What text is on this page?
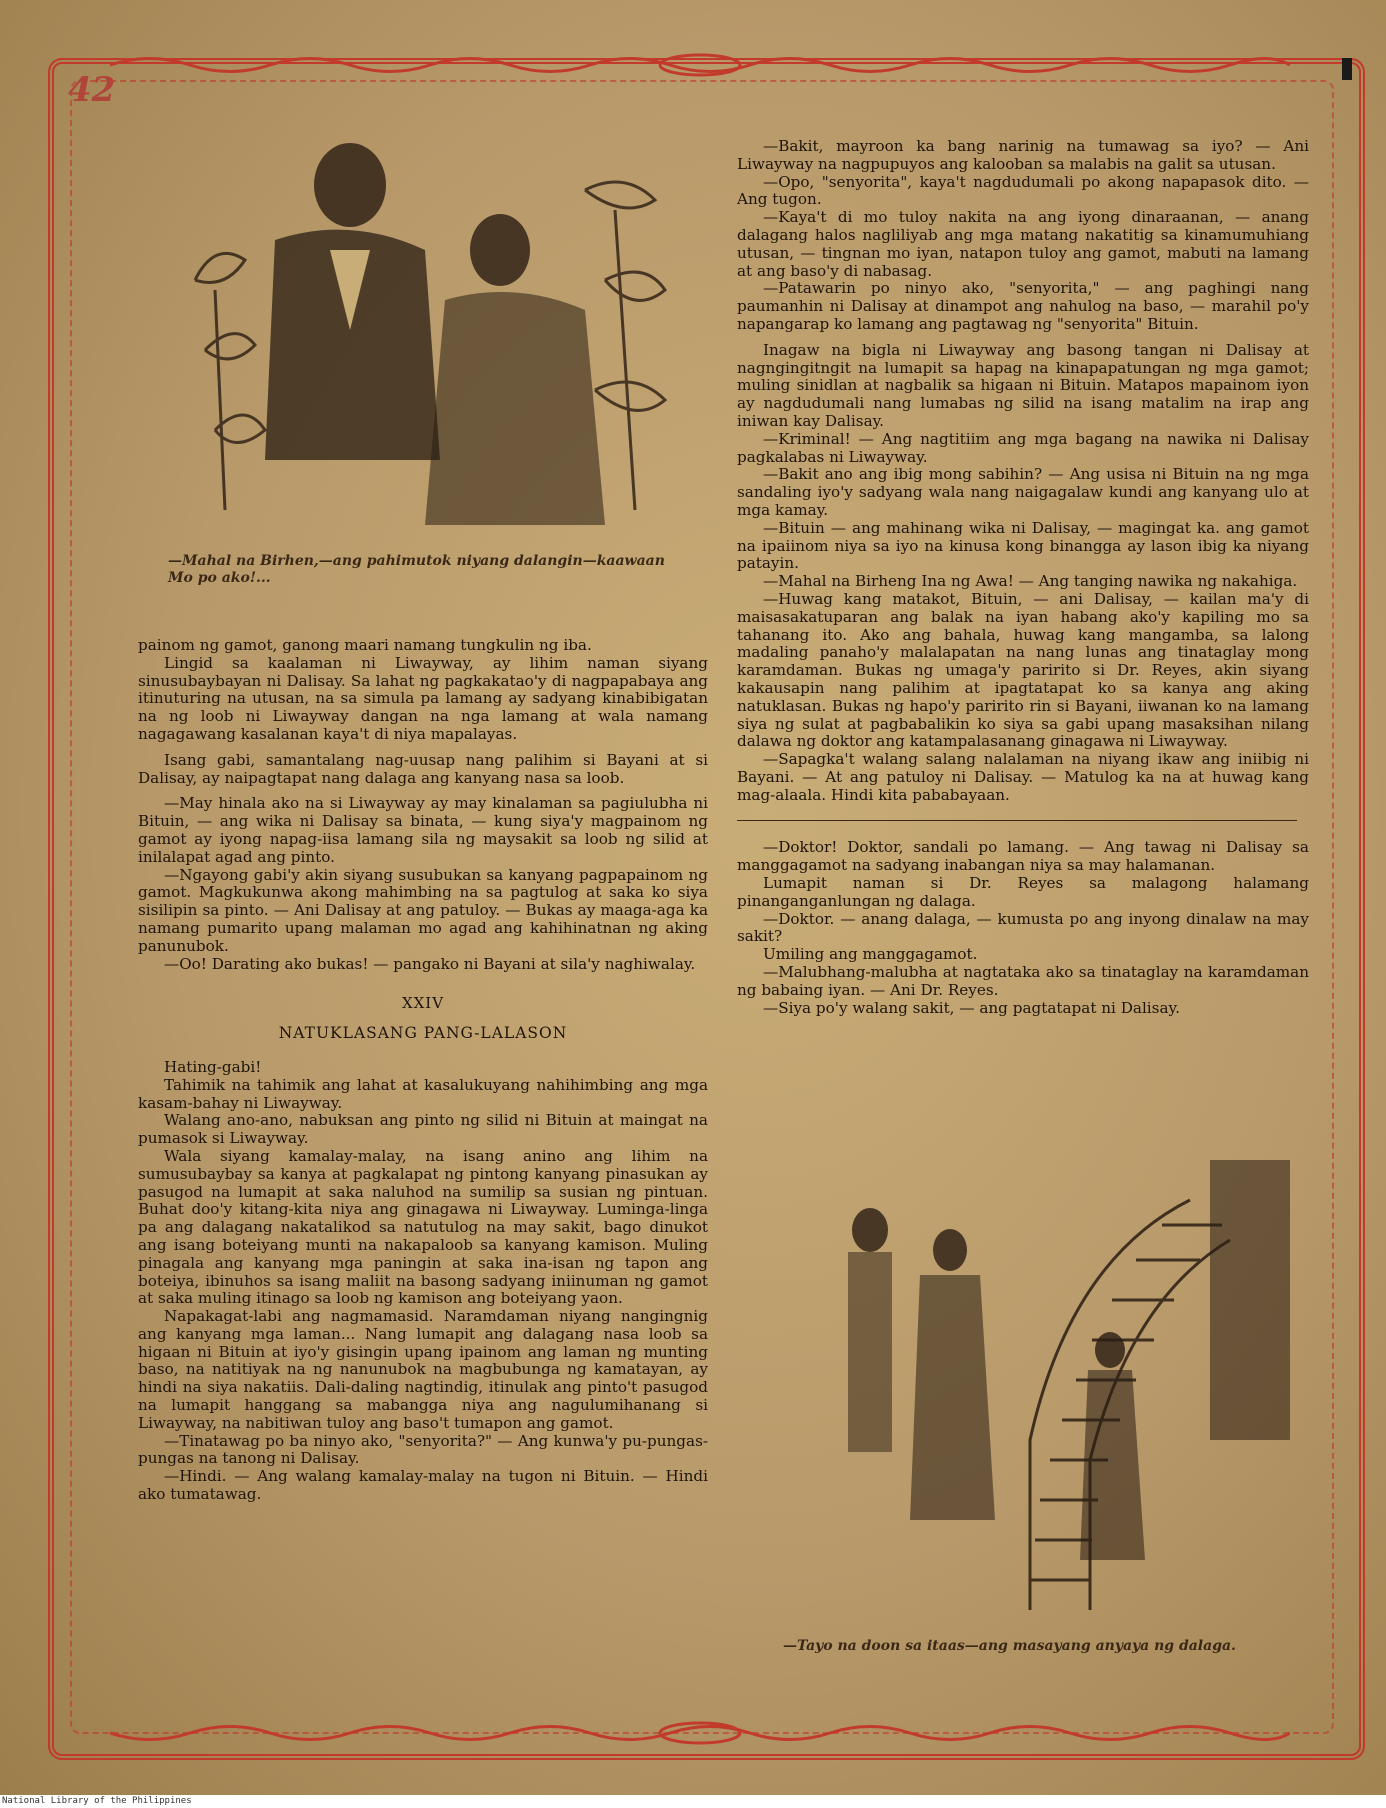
42
—Mahal na Birhen,—ang pahimutok niyang dalangin—kaawaan Mo po ako!...
—Tayo na doon sa itaas—ang masayang anyaya ng dalaga.

painom ng gamot, ganong maari namang tungkulin ng iba.

Lingid sa kaalaman ni Liwayway, ay lihim naman siyang sinusubaybayan ni Dalisay. Sa lahat ng pagkakatao'y di nagpapabaya ang itinuturing na utusan, na sa simula pa lamang ay sadyang kinabibigatan na ng loob ni Liwayway dangan na nga lamang at wala namang nagagawang kasalanan kaya't di niya mapalayas.

Isang gabi, samantalang nag-uusap nang palihim si Bayani at si Dalisay, ay naipagtapat nang dalaga ang kanyang nasa sa loob.

—May hinala ako na si Liwayway ay may kinalaman sa pagiulubha ni Bituin, — ang wika ni Dalisay sa binata, — kung siya'y magpainom ng gamot ay iyong napag-iisa lamang sila ng maysakit sa loob ng silid at inilalapat agad ang pinto.

—Ngayong gabi'y akin siyang susubukan sa kanyang pagpapainom ng gamot. Magkukunwa akong mahimbing na sa pagtulog at saka ko siya sisilipin sa pinto. — Ani Dalisay at ang patuloy. — Bukas ay maaga-aga ka namang pumarito upang malaman mo agad ang kahihinatnan ng aking panunubok.

—Oo! Darating ako bukas! — pangako ni Bayani at sila'y naghiwalay.

XXIV
NATUKLASANG PANG-LALASON

Hating-gabi!

Tahimik na tahimik ang lahat at kasalukuyang nahihimbing ang mga kasam-bahay ni Liwayway.

Walang ano-ano, nabuksan ang pinto ng silid ni Bituin at maingat na pumasok si Liwayway.

Wala siyang kamalay-malay, na isang anino ang lihim na sumusubaybay sa kanya at pagkalapat ng pintong kanyang pinasukan ay pasugod na lumapit at saka naluhod na sumilip sa susian ng pintuan. Buhat doo'y kitang-kita niya ang ginagawa ni Liwayway. Luminga-linga pa ang dalagang nakatalikod sa natutulog na may sakit, bago dinukot ang isang boteiyang munti na nakapaloob sa kanyang kamison. Muling pinagala ang kanyang mga paningin at saka ina-isan ng tapon ang boteiya, ibinuhos sa isang maliit na basong sadyang iniinuman ng gamot at saka muling itinago sa loob ng kamison ang boteiyang yaon.

Napakagat-labi ang nagmamasid. Naramdaman niyang nangingnig ang kanyang mga laman... Nang lumapit ang dalagang nasa loob sa higaan ni Bituin at iyo'y gisingin upang ipainom ang laman ng munting baso, na natitiyak na ng nanunubok na magbubunga ng kamatayan, ay hindi na siya nakatiis. Dali-daling nagtindig, itinulak ang pinto't pasugod na lumapit hanggang sa mabangga niya ang nagulumihanang si Liwayway, na nabitiwan tuloy ang baso't tumapon ang gamot.

—Tinatawag po ba ninyo ako, "senyorita?" — Ang kunwa'y pu-pungas-pungas na tanong ni Dalisay.

—Hindi. — Ang walang kamalay-malay na tugon ni Bituin. — Hindi ako tumatawag.

—Bakit, mayroon ka bang narinig na tumawag sa iyo? — Ani Liwayway na nagpupuyos ang kalooban sa malabis na galit sa utusan.

—Opo, "senyorita", kaya't nagdudumali po akong napapasok dito. — Ang tugon.

—Kaya't di mo tuloy nakita na ang iyong dinaraanan, — anang dalagang halos nagliliyab ang mga matang nakatitig sa kinamumuhiang utusan, — tingnan mo iyan, natapon tuloy ang gamot, mabuti na lamang at ang baso'y di nabasag.

—Patawarin po ninyo ako, "senyorita," — ang paghingi nang paumanhin ni Dalisay at dinampot ang nahulog na baso, — marahil po'y napangarap ko lamang ang pagtawag ng "senyorita" Bituin.

Inagaw na bigla ni Liwayway ang basong tangan ni Dalisay at nagngingitngit na lumapit sa hapag na kinapapatungan ng mga gamot; muling sinidlan at nagbalik sa higaan ni Bituin. Matapos mapainom iyon ay nagdudumali nang lumabas ng silid na isang matalim na irap ang iniwan kay Dalisay.

—Kriminal! — Ang nagtitiim ang mga bagang na nawika ni Dalisay pagkalabas ni Liwayway.

—Bakit ano ang ibig mong sabihin? — Ang usisa ni Bituin na ng mga sandaling iyo'y sadyang wala nang naigagalaw kundi ang kanyang ulo at mga kamay.

—Bituin — ang mahinang wika ni Dalisay, — magingat ka. ang gamot na ipaiinom niya sa iyo na kinusa kong binangga ay lason ibig ka niyang patayin.

—Mahal na Birheng Ina ng Awa! — Ang tanging nawika ng nakahiga.

—Huwag kang matakot, Bituin, — ani Dalisay, — kailan ma'y di maisasakatuparan ang balak na iyan habang ako'y kapiling mo sa tahanang ito. Ako ang bahala, huwag kang mangamba, sa lalong madaling panaho'y malalapatan na nang lunas ang tinataglay mong karamdaman. Bukas ng umaga'y paririto si Dr. Reyes, akin siyang kakausapin nang palihim at ipagtatapat ko sa kanya ang aking natuklasan. Bukas ng hapo'y paririto rin si Bayani, iiwanan ko na lamang siya ng sulat at pagbabalikin ko siya sa gabi upang masaksihan nilang dalawa ng doktor ang katampalasanang ginagawa ni Liwayway.

—Sapagka't walang salang nalalaman na niyang ikaw ang iniibig ni Bayani. — At ang patuloy ni Dalisay. — Matulog ka na at huwag kang mag-alaala. Hindi kita pababayaan.

—Doktor! Doktor, sandali po lamang. — Ang tawag ni Dalisay sa manggagamot na sadyang inabangan niya sa may halamanan.

Lumapit naman si Dr. Reyes sa malagong halamang pinanganganlungan ng dalaga.

—Doktor. — anang dalaga, — kumusta po ang inyong dinalaw na may sakit?

Umiling ang manggagamot.

—Malubhang-malubha at nagtataka ako sa tinataglay na karamdaman ng babaing iyan. — Ani Dr. Reyes.

—Siya po'y walang sakit, — ang pagtatapat ni Dalisay.

National Library of the Philippines
